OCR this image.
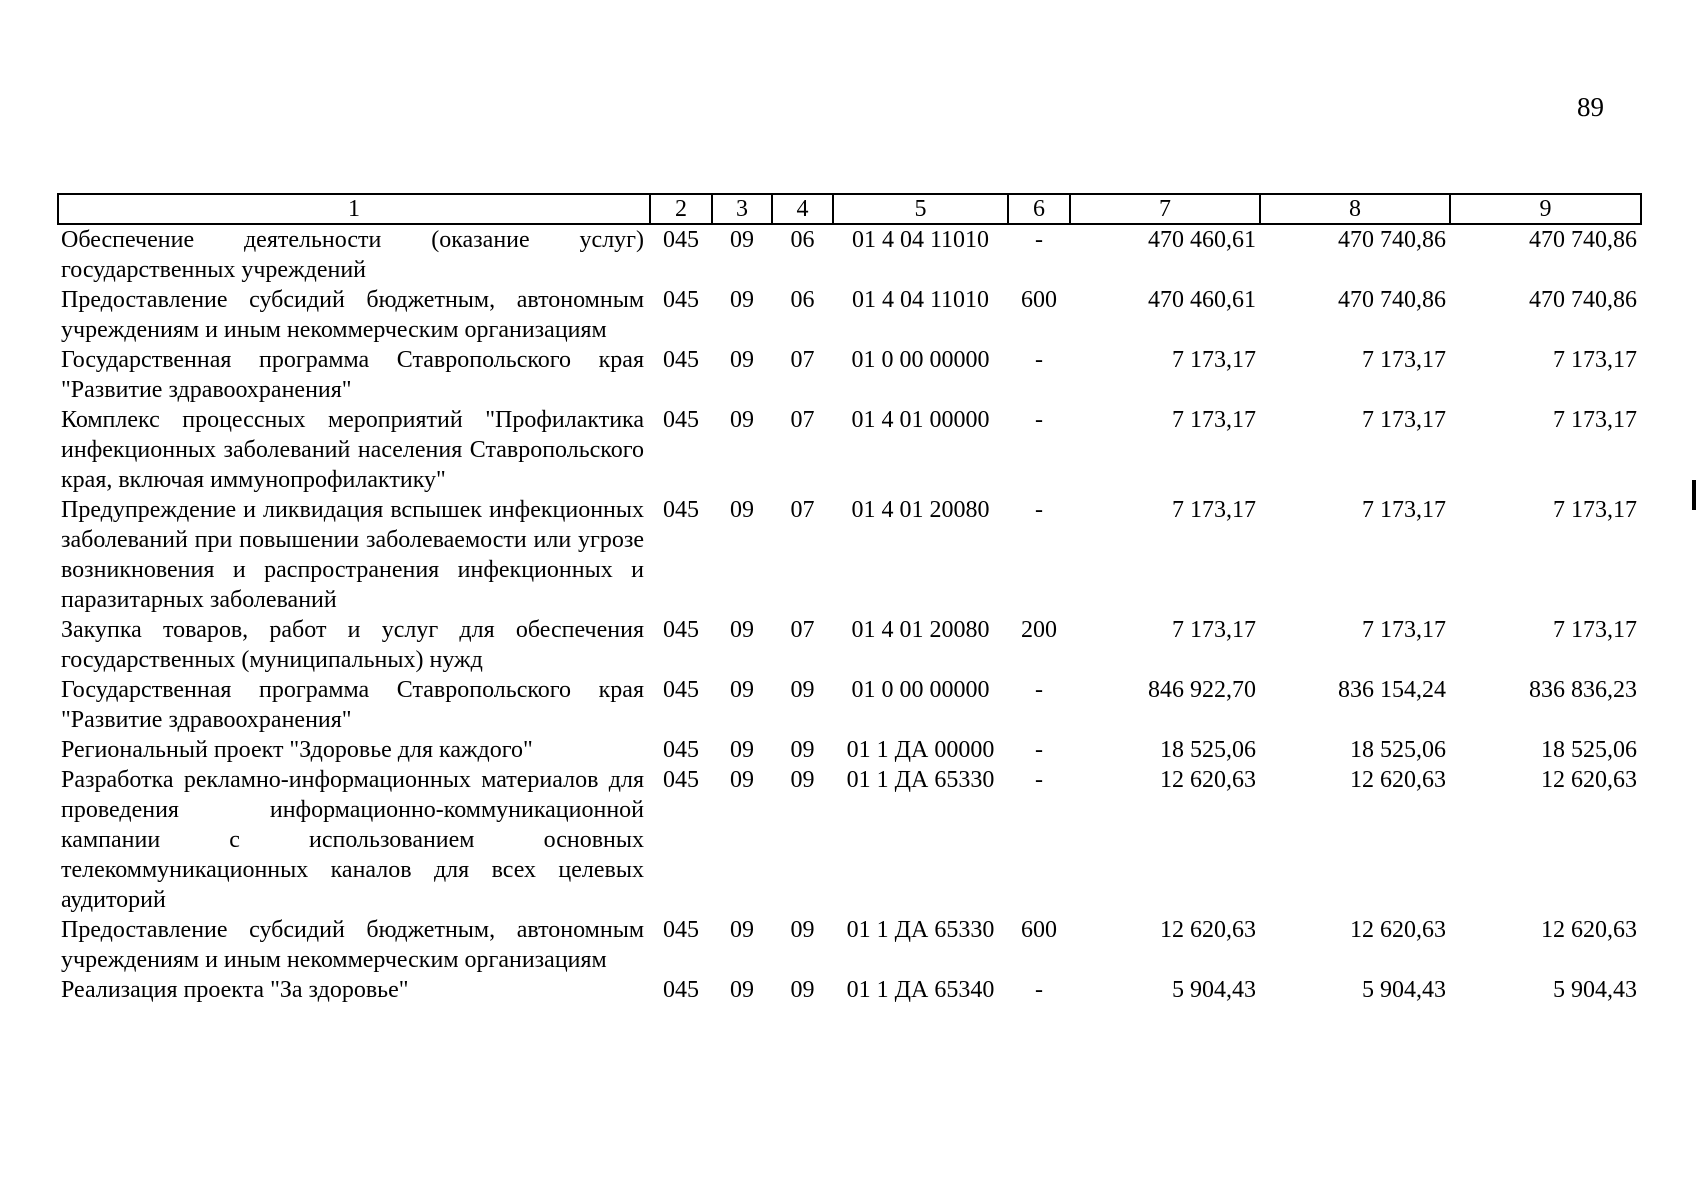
89
1	2	3	4	5	6	7	8	9
Обеспечение деятельности (оказание услуг) государственных учреждений	045	09	06	01 4 04 11010	-	470 460,61	470 740,86	470 740,86
Предоставление субсидий бюджетным, автономным учреждениям и иным некоммерческим организациям	045	09	06	01 4 04 11010	600	470 460,61	470 740,86	470 740,86
Государственная программа Ставропольского края "Развитие здравоохранения"	045	09	07	01 0 00 00000	-	7 173,17	7 173,17	7 173,17
Комплекс процессных мероприятий "Профилактика инфекционных заболеваний населения Ставропольского края, включая иммунопрофилактику"	045	09	07	01 4 01 00000	-	7 173,17	7 173,17	7 173,17
Предупреждение и ликвидация вспышек инфекционных заболеваний при повышении заболеваемости или угрозе возникновения и распространения инфекционных и паразитарных заболеваний	045	09	07	01 4 01 20080	-	7 173,17	7 173,17	7 173,17
Закупка товаров, работ и услуг для обеспечения государственных (муниципальных) нужд	045	09	07	01 4 01 20080	200	7 173,17	7 173,17	7 173,17
Государственная программа Ставропольского края "Развитие здравоохранения"	045	09	09	01 0 00 00000	-	846 922,70	836 154,24	836 836,23
Региональный проект "Здоровье для каждого"	045	09	09	01 1 ДА 00000	-	18 525,06	18 525,06	18 525,06
Разработка рекламно-информационных материалов для проведения информационно-коммуникационной кампании с использованием основных телекоммуникационных каналов для всех целевых аудиторий	045	09	09	01 1 ДА 65330	-	12 620,63	12 620,63	12 620,63
Предоставление субсидий бюджетным, автономным учреждениям и иным некоммерческим организациям	045	09	09	01 1 ДА 65330	600	12 620,63	12 620,63	12 620,63
Реализация проекта "За здоровье"	045	09	09	01 1 ДА 65340	-	5 904,43	5 904,43	5 904,43
